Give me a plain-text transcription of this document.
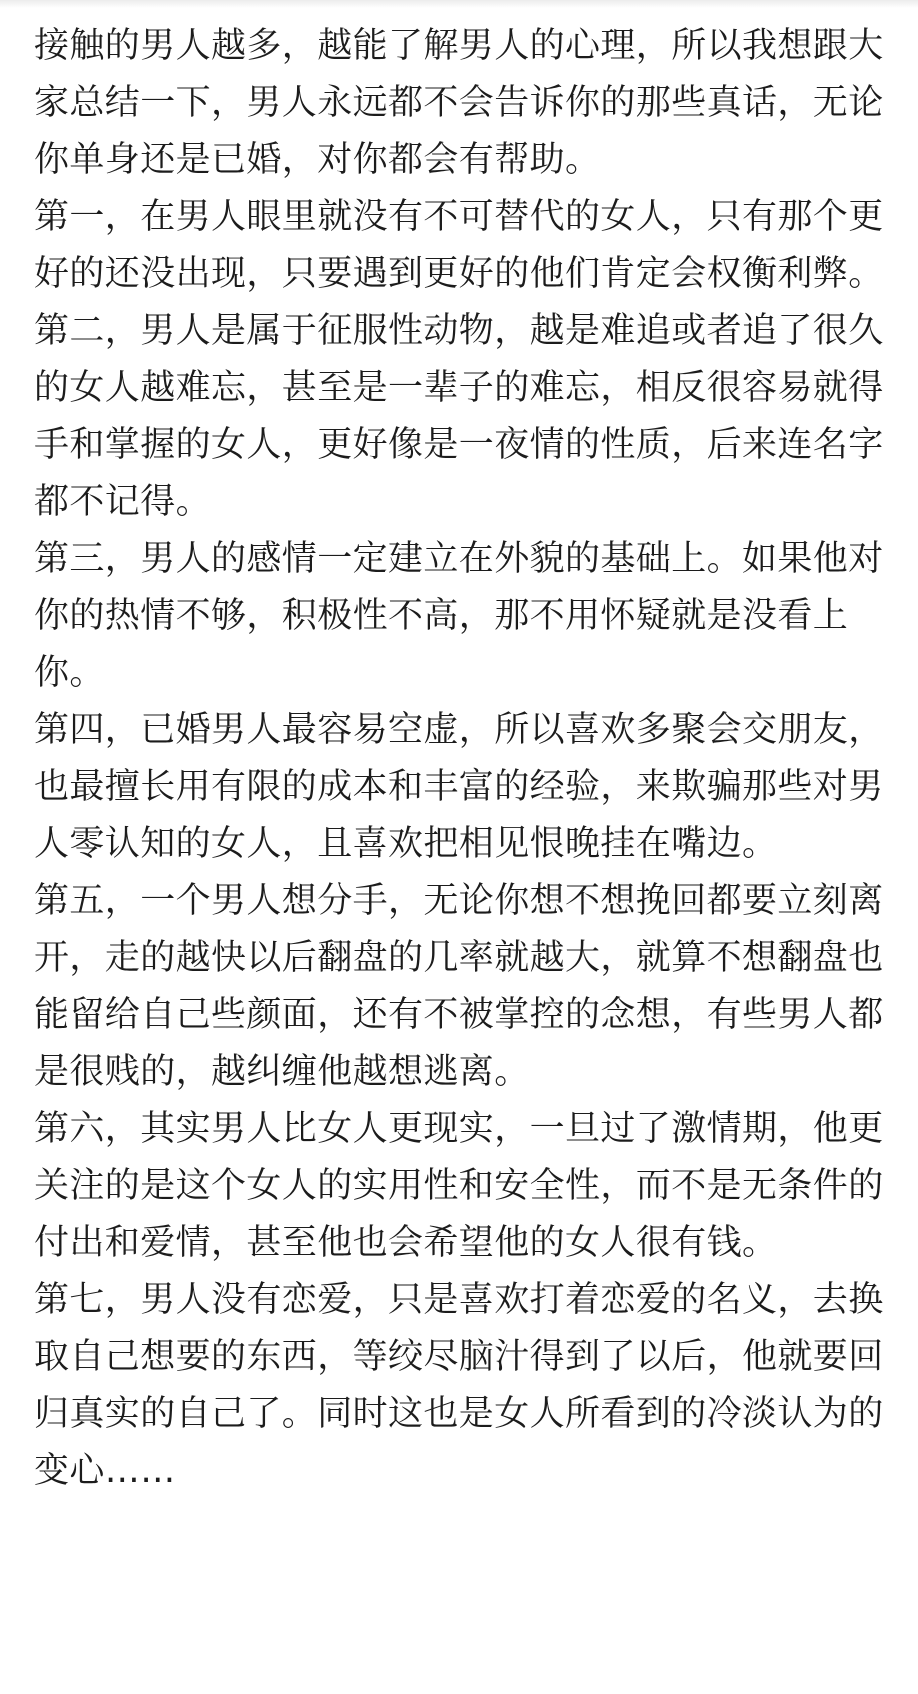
接触的男人越多，越能了解男人的心理，所以我想跟大家总结一下，男人永远都不会告诉你的那些真话，无论你单身还是已婚，对你都会有帮助。

第一，在男人眼里就没有不可替代的女人，只有那个更好的还没出现，只要遇到更好的他们肯定会权衡利弊。

第二，男人是属于征服性动物，越是难追或者追了很久的女人越难忘，甚至是一辈子的难忘，相反很容易就得手和掌握的女人，更好像是一夜情的性质，后来连名字都不记得。

第三，男人的感情一定建立在外貌的基础上。如果他对你的热情不够，积极性不高，那不用怀疑就是没看上你。

第四，已婚男人最容易空虚，所以喜欢多聚会交朋友，也最擅长用有限的成本和丰富的经验，来欺骗那些对男人零认知的女人，且喜欢把相见恨晚挂在嘴边。

第五，一个男人想分手，无论你想不想挽回都要立刻离开，走的越快以后翻盘的几率就越大，就算不想翻盘也能留给自己些颜面，还有不被掌控的念想，有些男人都是很贱的，越纠缠他越想逃离。

第六，其实男人比女人更现实，一旦过了激情期，他更关注的是这个女人的实用性和安全性，而不是无条件的付出和爱情，甚至他也会希望他的女人很有钱。

第七，男人没有恋爱，只是喜欢打着恋爱的名义，去换取自己想要的东西，等绞尽脑汁得到了以后，他就要回归真实的自己了。同时这也是女人所看到的冷淡认为的变心……
